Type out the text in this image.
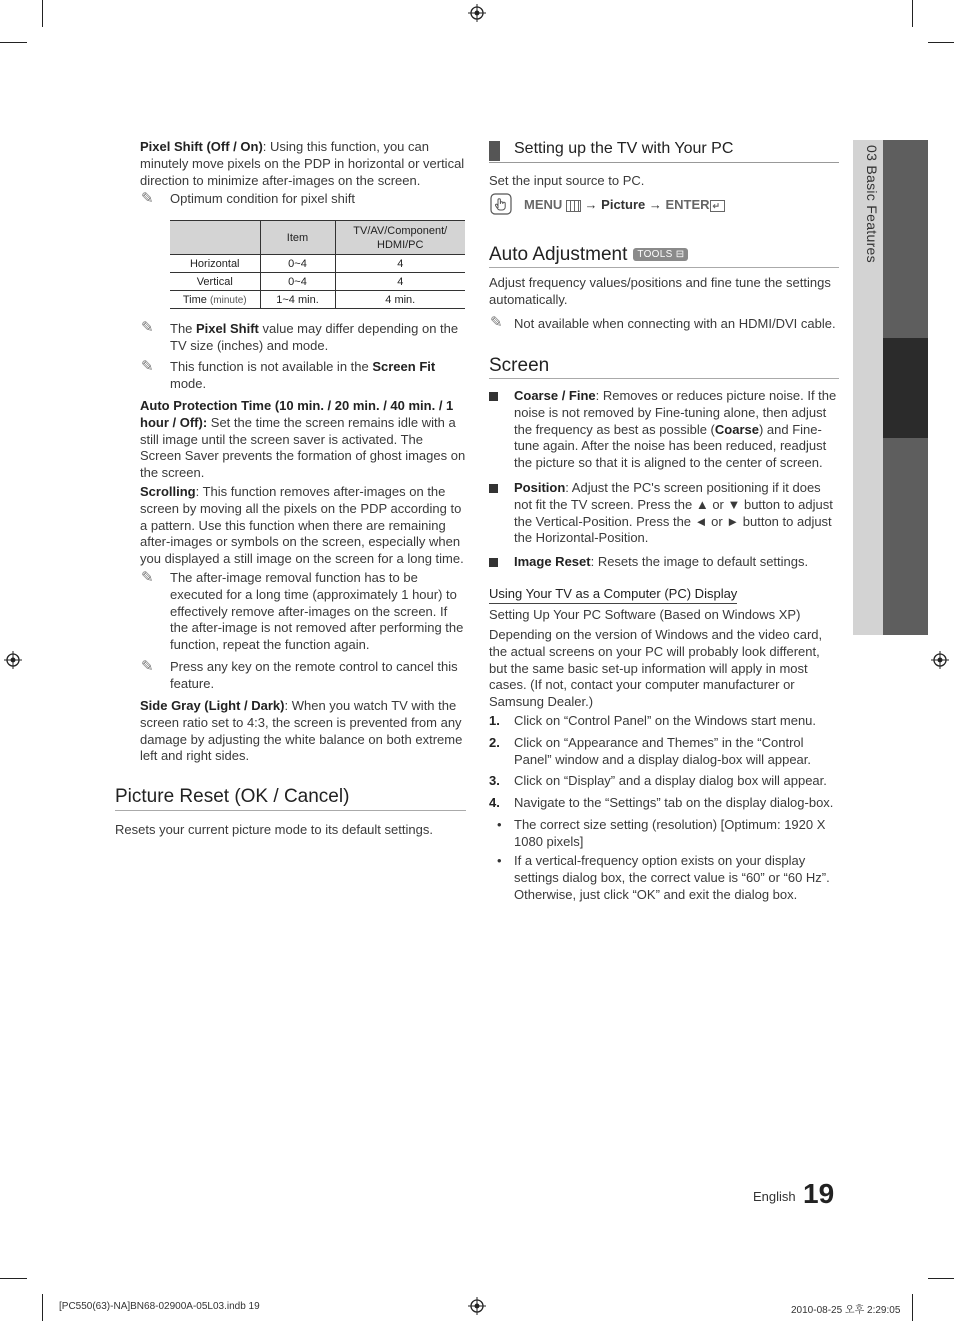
03 Basic Features

Pixel Shift (Off / On): Using this function, you can minutely move pixels on the PDP in horizontal or vertical direction to minimize after-images on the screen.

✎ Optimum condition for pixel shift

	Item	TV/AV/Component/ HDMI/PC
Horizontal	0~4	4
Vertical	0~4	4
Time (minute)	1~4 min.	4 min.
✎ The Pixel Shift value may differ depending on the TV size (inches) and mode.

✎ This function is not available in the Screen Fit mode.

Auto Protection Time (10 min. / 20 min. / 40 min. / 1 hour / Off): Set the time the screen remains idle with a still image until the screen saver is activated. The Screen Saver prevents the formation of ghost images on the screen.

Scrolling: This function removes after-images on the screen by moving all the pixels on the PDP according to a pattern. Use this function when there are remaining after-images or symbols on the screen, especially when you displayed a still image on the screen for a long time.

✎ The after-image removal function has to be executed for a long time (approximately 1 hour) to effectively remove after-images on the screen. If the after-image is not removed after performing the function, repeat the function again.

✎ Press any key on the remote control to cancel this feature.

Side Gray (Light / Dark): When you watch TV with the screen ratio set to 4:3, the screen is prevented from any damage by adjusting the white balance on both extreme left and right sides.

Picture Reset (OK / Cancel)

Resets your current picture mode to its default settings.

Setting up the TV with Your PC

Set the input source to PC.

MENU → Picture → ENTER ↵
Auto Adjustment TOOLS ⊟

Adjust frequency values/positions and fine tune the settings automatically.

✎ Not available when connecting with an HDMI/DVI cable.

Screen

Coarse / Fine: Removes or reduces picture noise. If the noise is not removed by Fine-tuning alone, then adjust the frequency as best as possible (Coarse) and Fine-tune again. After the noise has been reduced, readjust the picture so that it is aligned to the center of screen.

Position: Adjust the PC's screen positioning if it does not fit the TV screen. Press the ▲ or ▼ button to adjust the Vertical-Position. Press the ◄ or ► button to adjust the Horizontal-Position.

Image Reset: Resets the image to default settings.

Using Your TV as a Computer (PC) Display

Setting Up Your PC Software (Based on Windows XP)

Depending on the version of Windows and the video card, the actual screens on your PC will probably look different, but the same basic set-up information will apply in most cases. (If not, contact your computer manufacturer or Samsung Dealer.)

1. Click on “Control Panel” on the Windows start menu.

2. Click on “Appearance and Themes” in the “Control Panel” window and a display dialog-box will appear.

3. Click on “Display” and a display dialog box will appear.

4. Navigate to the “Settings” tab on the display dialog-box.

• The correct size setting (resolution) [Optimum: 1920 X 1080 pixels]

• If a vertical-frequency option exists on your display settings dialog box, the correct value is “60” or “60 Hz”. Otherwise, just click “OK” and exit the dialog box.

English 19
[PC550(63)-NA]BN68-02900A-05L03.indb 19	2010-08-25 오후 2:29:05
